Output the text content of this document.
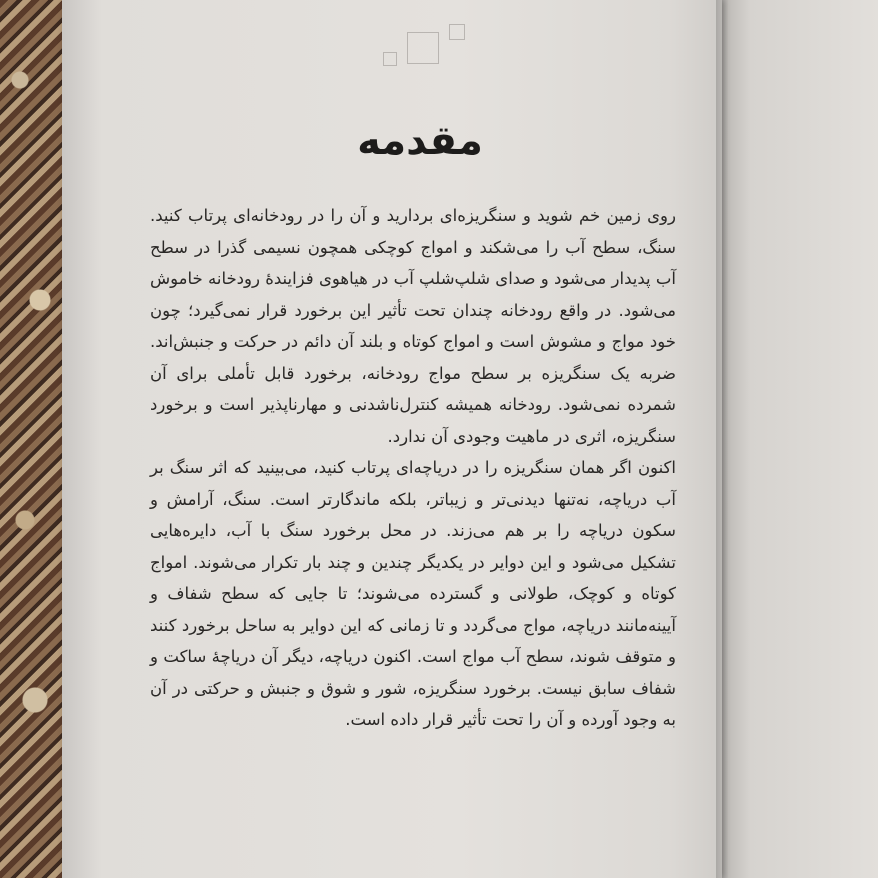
مقدمه

روی زمین خم شوید و سنگریزه‌ای بردارید و آن را در رودخانه‌ای پرتاب کنید. سنگ، سطح آب را می‌شکند و امواج کوچکی همچون نسیمی گذرا در سطح آب پدیدار می‌شود و صدای شلپ‌شلپ آب در هیاهوی فزایندهٔ رودخانه خاموش می‌شود. در واقع رودخانه چندان تحت تأثیر این برخورد قرار نمی‌گیرد؛ چون خود مواج و مشوش است و امواج کوتاه و بلند آن دائم در حرکت و جنبش‌اند. ضربه یک سنگریزه بر سطح مواج رودخانه، برخورد قابل تأملی برای آن شمرده نمی‌شود. رودخانه همیشه کنترل‌ناشدنی و مهارناپذیر است و برخورد سنگریزه، اثری در ماهیت وجودی آن ندارد.

اکنون اگر همان سنگریزه را در دریاچه‌ای پرتاب کنید، می‌بینید که اثر سنگ بر آب دریاچه، نه‌تنها دیدنی‌تر و زیباتر، بلکه ماندگارتر است. سنگ، آرامش و سکون دریاچه را بر هم می‌زند. در محل برخورد سنگ با آب، دایره‌هایی تشکیل می‌شود و این دوایر در یکدیگر چندین و چند بار تکرار می‌شوند. امواج کوتاه و کوچک، طولانی و گسترده می‌شوند؛ تا جایی که سطح شفاف و آیینه‌مانند دریاچه، مواج می‌گردد و تا زمانی که این دوایر به ساحل برخورد کنند و متوقف شوند، سطح آب مواج است. اکنون دریاچه، دیگر آن دریاچهٔ ساکت و شفاف سابق نیست. برخورد سنگریزه، شور و شوق و جنبش و حرکتی در آن به وجود آورده و آن را تحت تأثیر قرار داده است.
